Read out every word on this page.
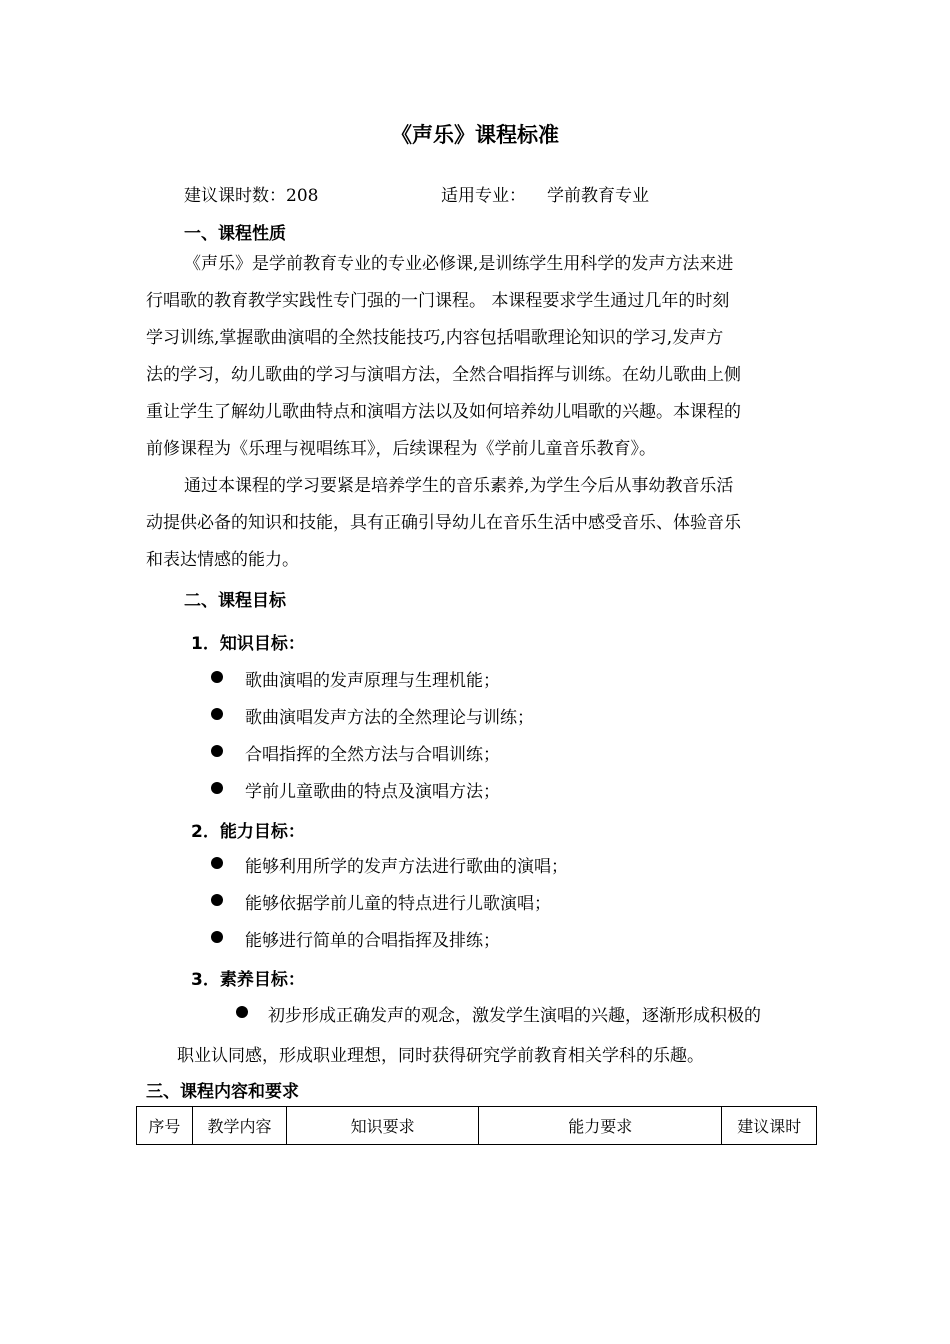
《声乐》课程标准
建议课时数：208	适用专业： 学前教育专业
一、课程性质
《声乐》是学前教育专业的专业必修课,是训练学生用科学的发声方法来进
行唱歌的教育教学实践性专门强的一门课程。 本课程要求学生通过几年的时刻
学习训练,掌握歌曲演唱的全然技能技巧,内容包括唱歌理论知识的学习,发声方
法的学习，幼儿歌曲的学习与演唱方法，全然合唱指挥与训练。在幼儿歌曲上侧
重让学生了解幼儿歌曲特点和演唱方法以及如何培养幼儿唱歌的兴趣。本课程的
前修课程为《乐理与视唱练耳》，后续课程为《学前儿童音乐教育》。
通过本课程的学习要紧是培养学生的音乐素养,为学生今后从事幼教音乐活
动提供必备的知识和技能，具有正确引导幼儿在音乐生活中感受音乐、体验音乐
和表达情感的能力。
二、课程目标
1．知识目标：
歌曲演唱的发声原理与生理机能；
歌曲演唱发声方法的全然理论与训练；
合唱指挥的全然方法与合唱训练；
学前儿童歌曲的特点及演唱方法；
2．能力目标：
能够利用所学的发声方法进行歌曲的演唱；
能够依据学前儿童的特点进行儿歌演唱；
能够进行简单的合唱指挥及排练；
3．素养目标：
初步形成正确发声的观念，激发学生演唱的兴趣，逐渐形成积极的
职业认同感，形成职业理想，同时获得研究学前教育相关学科的乐趣。
三、课程内容和要求
序号	教学内容	知识要求	能力要求	建议课时
